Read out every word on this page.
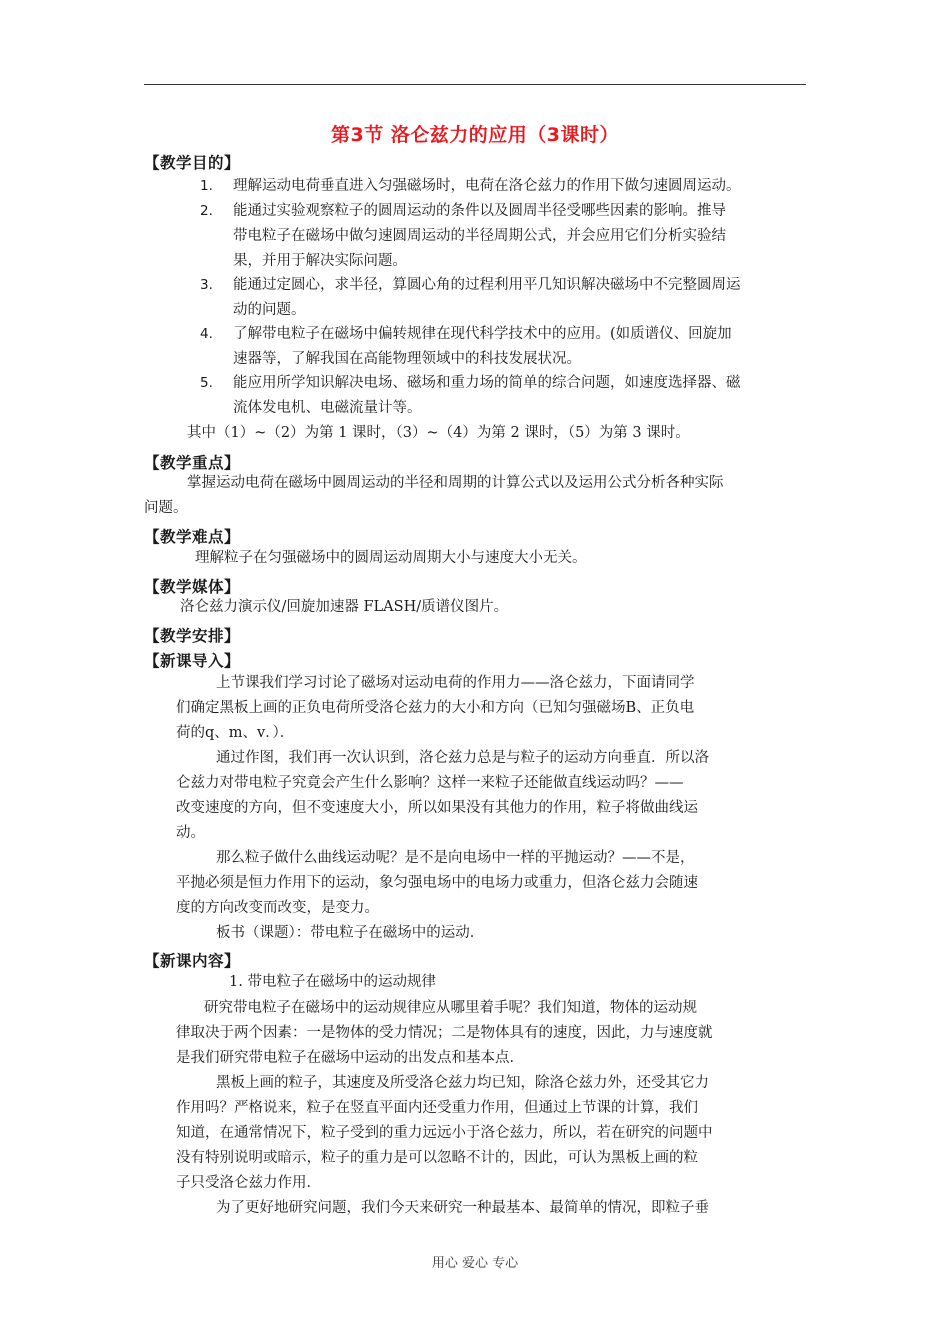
第3节 洛仑兹力的应用（3课时）
【教学目的】
1. 理解运动电荷垂直进入匀强磁场时，电荷在洛仑兹力的作用下做匀速圆周运动。
2. 能通过实验观察粒子的圆周运动的条件以及圆周半径受哪些因素的影响。推导
带电粒子在磁场中做匀速圆周运动的半径周期公式，并会应用它们分析实验结
果，并用于解决实际问题。
3. 能通过定圆心，求半径，算圆心角的过程利用平几知识解决磁场中不完整圆周运
动的问题。
4. 了解带电粒子在磁场中偏转规律在现代科学技术中的应用。(如质谱仪、回旋加
速器等，了解我国在高能物理领域中的科技发展状况。
5. 能应用所学知识解决电场、磁场和重力场的简单的综合问题，如速度选择器、磁
流体发电机、电磁流量计等。
其中（1）~（2）为第 1 课时，（3）~（4）为第 2 课时，（5）为第 3 课时。
【教学重点】
掌握运动电荷在磁场中圆周运动的半径和周期的计算公式以及运用公式分析各种实际
问题。
【教学难点】
理解粒子在匀强磁场中的圆周运动周期大小与速度大小无关。
【教学媒体】
洛仑兹力演示仪/回旋加速器 FLASH/质谱仪图片。
【教学安排】
【新课导入】
上节课我们学习讨论了磁场对运动电荷的作用力——洛仑兹力，下面请同学
们确定黑板上画的正负电荷所受洛仑兹力的大小和方向（已知匀强磁场B、正负电
荷的q、m、v．）．
通过作图，我们再一次认识到，洛仑兹力总是与粒子的运动方向垂直．所以洛
仑兹力对带电粒子究竟会产生什么影响？这样一来粒子还能做直线运动吗？——
改变速度的方向，但不变速度大小，所以如果没有其他力的作用，粒子将做曲线运
动。
那么粒子做什么曲线运动呢？是不是向电场中一样的平抛运动？——不是，
平抛必须是恒力作用下的运动，象匀强电场中的电场力或重力，但洛仑兹力会随速
度的方向改变而改变，是变力。
板书（课题）：带电粒子在磁场中的运动．
【新课内容】
1. 带电粒子在磁场中的运动规律
研究带电粒子在磁场中的运动规律应从哪里着手呢？我们知道，物体的运动规
律取决于两个因素：一是物体的受力情况；二是物体具有的速度，因此，力与速度就
是我们研究带电粒子在磁场中运动的出发点和基本点．
黑板上画的粒子，其速度及所受洛仑兹力均已知，除洛仑兹力外，还受其它力
作用吗？严格说来，粒子在竖直平面内还受重力作用，但通过上节课的计算，我们
知道，在通常情况下，粒子受到的重力远远小于洛仑兹力，所以，若在研究的问题中
没有特别说明或暗示，粒子的重力是可以忽略不计的，因此，可认为黑板上画的粒
子只受洛仑兹力作用．
为了更好地研究问题，我们今天来研究一种最基本、最简单的情况，即粒子垂
用心 爱心 专心
